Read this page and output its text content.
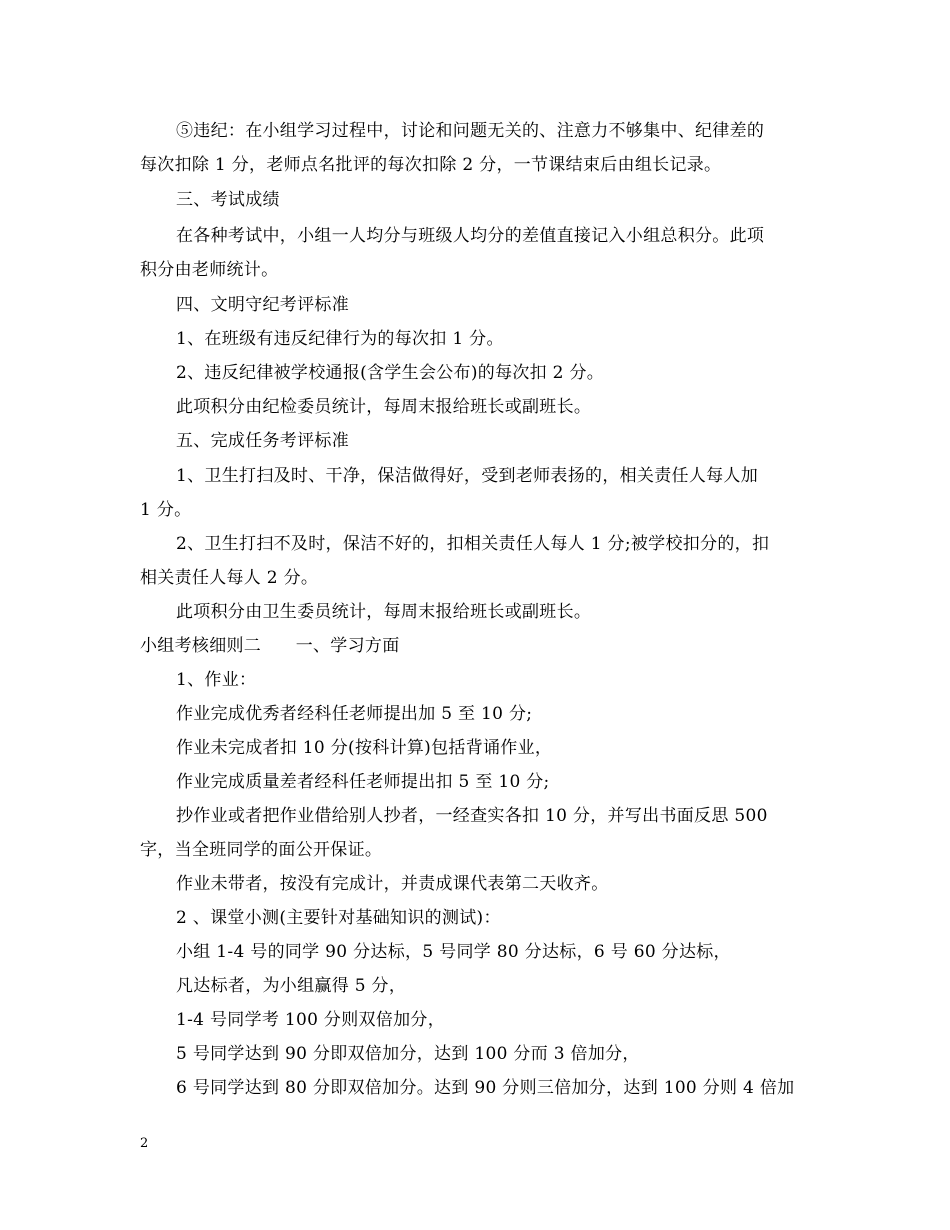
⑤违纪：在小组学习过程中，讨论和问题无关的、注意力不够集中、纪律差的
每次扣除 1 分，老师点名批评的每次扣除 2 分，一节课结束后由组长记录。
三、考试成绩
在各种考试中，小组一人均分与班级人均分的差值直接记入小组总积分。此项
积分由老师统计。
四、文明守纪考评标准
1、在班级有违反纪律行为的每次扣 1 分。
2、违反纪律被学校通报(含学生会公布)的每次扣 2 分。
此项积分由纪检委员统计，每周末报给班长或副班长。
五、完成任务考评标准
1、卫生打扫及时、干净，保洁做得好，受到老师表扬的，相关责任人每人加
1 分。
2、卫生打扫不及时，保洁不好的，扣相关责任人每人 1 分;被学校扣分的，扣
相关责任人每人 2 分。
此项积分由卫生委员统计，每周末报给班长或副班长。
小组考核细则二　　一、学习方面
1、作业：
作业完成优秀者经科任老师提出加 5 至 10 分;
作业未完成者扣 10 分(按科计算)包括背诵作业，
作业完成质量差者经科任老师提出扣 5 至 10 分;
抄作业或者把作业借给别人抄者，一经查实各扣 10 分，并写出书面反思 500
字，当全班同学的面公开保证。
作业未带者，按没有完成计，并责成课代表第二天收齐。
2 、课堂小测(主要针对基础知识的测试)：
小组 1-4 号的同学 90 分达标，5 号同学 80 分达标，6 号 60 分达标，
凡达标者，为小组赢得 5 分，
1-4 号同学考 100 分则双倍加分，
5 号同学达到 90 分即双倍加分，达到 100 分而 3 倍加分，
6 号同学达到 80 分即双倍加分。达到 90 分则三倍加分，达到 100 分则 4 倍加
2
